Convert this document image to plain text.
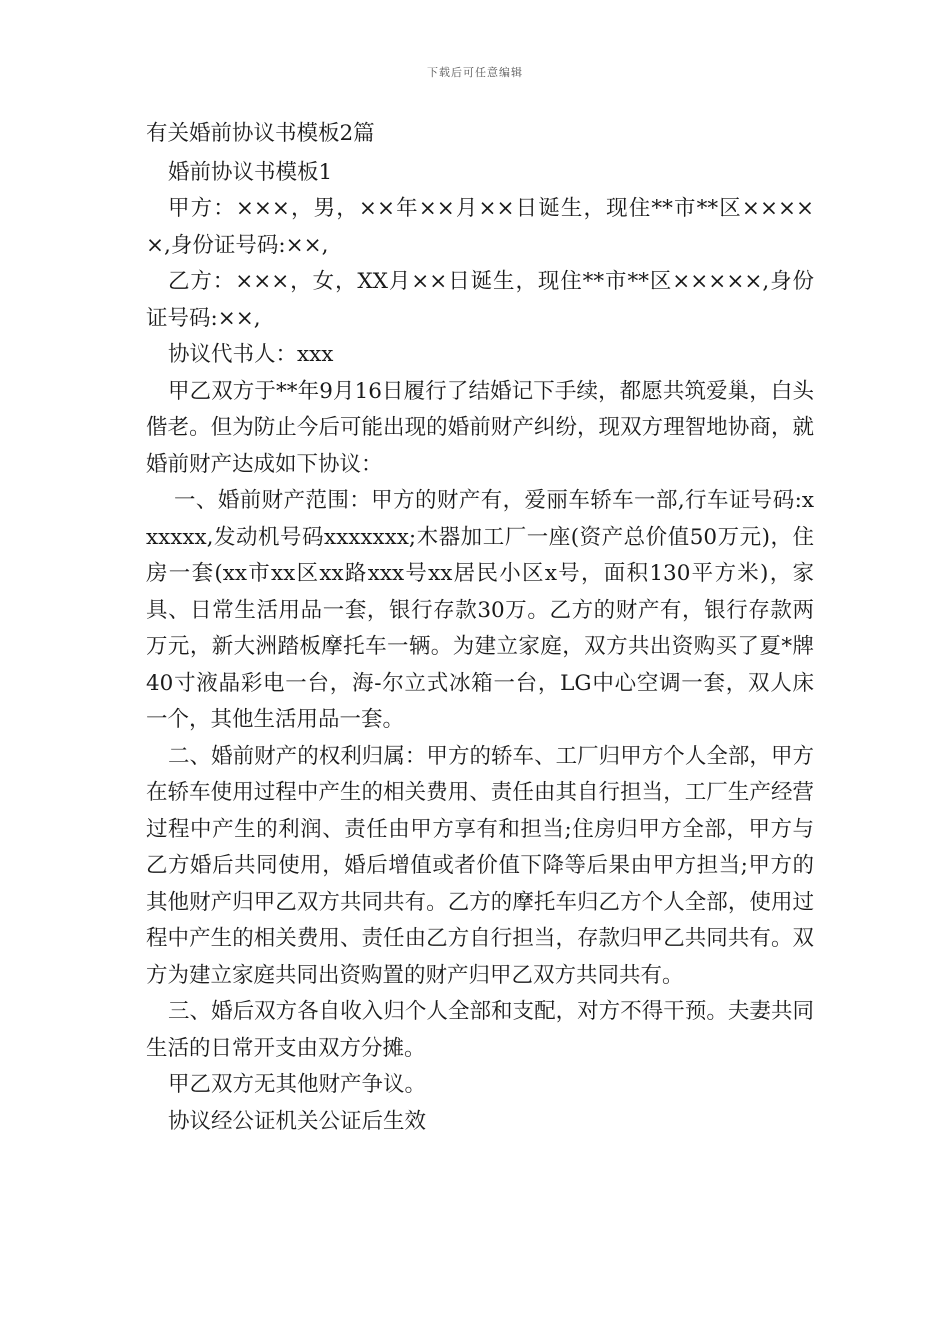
下载后可任意编辑

有关婚前协议书模板2篇

婚前协议书模板1

甲方：×××，男，××年××月××日诞生，现住**市**区×××××,身份证号码:××,

乙方：×××，女，XX月××日诞生，现住**市**区×××××,身份证号码:××,

协议代书人：xxx

甲乙双方于**年9月16日履行了结婚记下手续，都愿共筑爱巢，白头偕老。但为防止今后可能出现的婚前财产纠纷，现双方理智地协商，就婚前财产达成如下协议：

一、婚前财产范围：甲方的财产有，爱丽车轿车一部,行车证号码:xxxxxx,发动机号码xxxxxxx;木器加工厂一座(资产总价值50万元)，住房一套(xx市xx区xx路xxx号xx居民小区x号，面积130平方米)，家具、日常生活用品一套，银行存款30万。乙方的财产有，银行存款两万元，新大洲踏板摩托车一辆。为建立家庭，双方共出资购买了夏*牌40寸液晶彩电一台，海-尔立式冰箱一台，LG中心空调一套，双人床一个，其他生活用品一套。

二、婚前财产的权利归属：甲方的轿车、工厂归甲方个人全部，甲方在轿车使用过程中产生的相关费用、责任由其自行担当，工厂生产经营过程中产生的利润、责任由甲方享有和担当;住房归甲方全部，甲方与乙方婚后共同使用，婚后增值或者价值下降等后果由甲方担当;甲方的其他财产归甲乙双方共同共有。乙方的摩托车归乙方个人全部，使用过程中产生的相关费用、责任由乙方自行担当，存款归甲乙共同共有。双方为建立家庭共同出资购置的财产归甲乙双方共同共有。

三、婚后双方各自收入归个人全部和支配，对方不得干预。夫妻共同生活的日常开支由双方分摊。

甲乙双方无其他财产争议。

协议经公证机关公证后生效
